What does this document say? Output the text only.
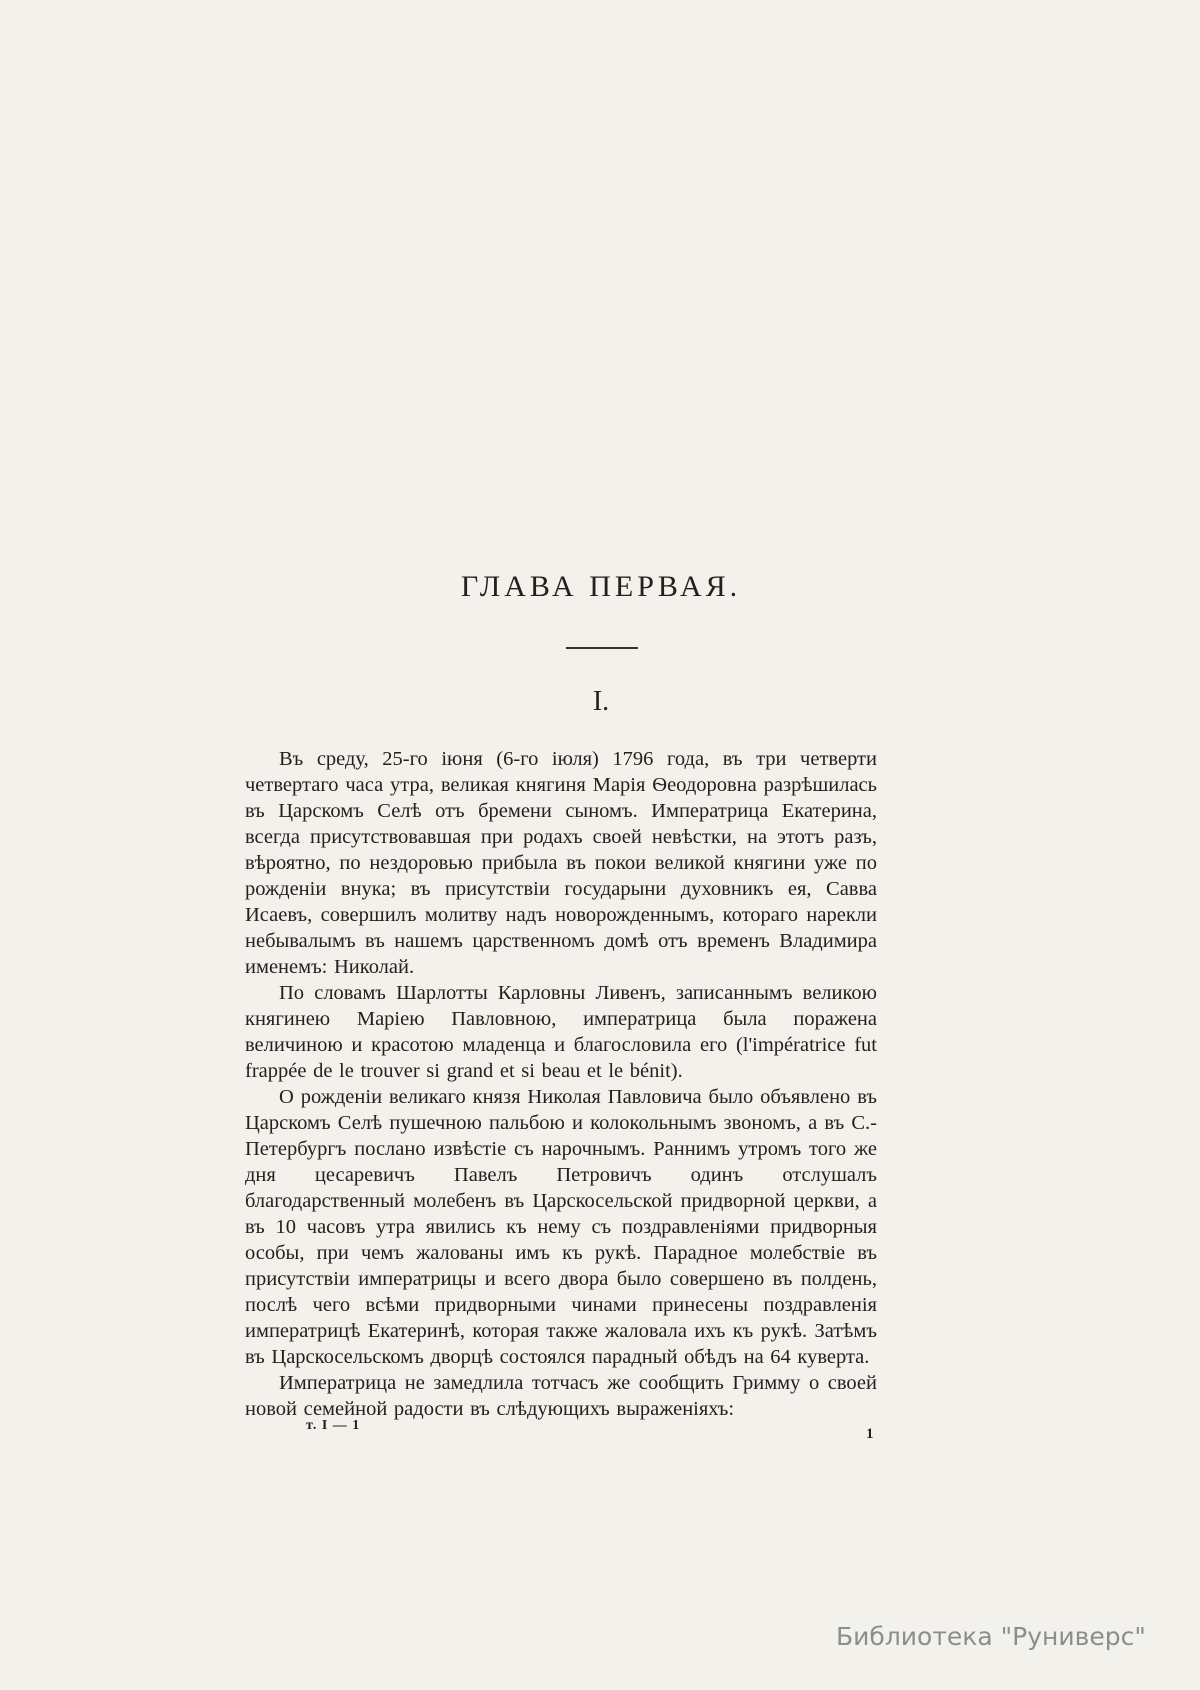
ГЛАВА ПЕРВАЯ.
I.

Въ среду, 25-го іюня (6-го іюля) 1796 года, въ три четверти четвертаго часа утра, великая княгиня Марія Ѳеодоровна разрѣшилась въ Царскомъ Селѣ отъ бремени сыномъ. Императрица Екатерина, всегда присутствовавшая при родахъ своей невѣстки, на этотъ разъ, вѣроятно, по нездоровью прибыла въ покои великой княгини уже по рожденіи внука; въ присутствіи государыни духовникъ ея, Савва Исаевъ, совершилъ молитву надъ новорожденнымъ, котораго нарекли небывалымъ въ нашемъ царственномъ домѣ отъ временъ Владимира именемъ: Николай.

По словамъ Шарлотты Карловны Ливенъ, записаннымъ великою княгинею Маріею Павловною, императрица была поражена величиною и красотою младенца и благословила его (l'impératrice fut frappée de le trouver si grand et si beau et le bénit).

О рожденіи великаго князя Николая Павловича было объявлено въ Царскомъ Селѣ пушечною пальбою и колокольнымъ звономъ, а въ С.-Петербургъ послано извѣстіе съ нарочнымъ. Раннимъ утромъ того же дня цесаревичъ Павелъ Петровичъ одинъ отслушалъ благодарственный молебенъ въ Царскосельской придворной церкви, а въ 10 часовъ утра явились къ нему съ поздравленіями придворныя особы, при чемъ жалованы имъ къ рукѣ. Парадное молебствіе въ присутствіи императрицы и всего двора было совершено въ полдень, послѣ чего всѣми придворными чинами принесены поздравленія императрицѣ Екатеринѣ, которая также жаловала ихъ къ рукѣ. Затѣмъ въ Царскосельскомъ дворцѣ состоялся парадный обѣдъ на 64 куверта.

Императрица не замедлила тотчасъ же сообщить Гримму о своей новой семейной радости въ слѣдующихъ выраженіяхъ:

т. I — 1
1
Библиотека "Руниверс"
